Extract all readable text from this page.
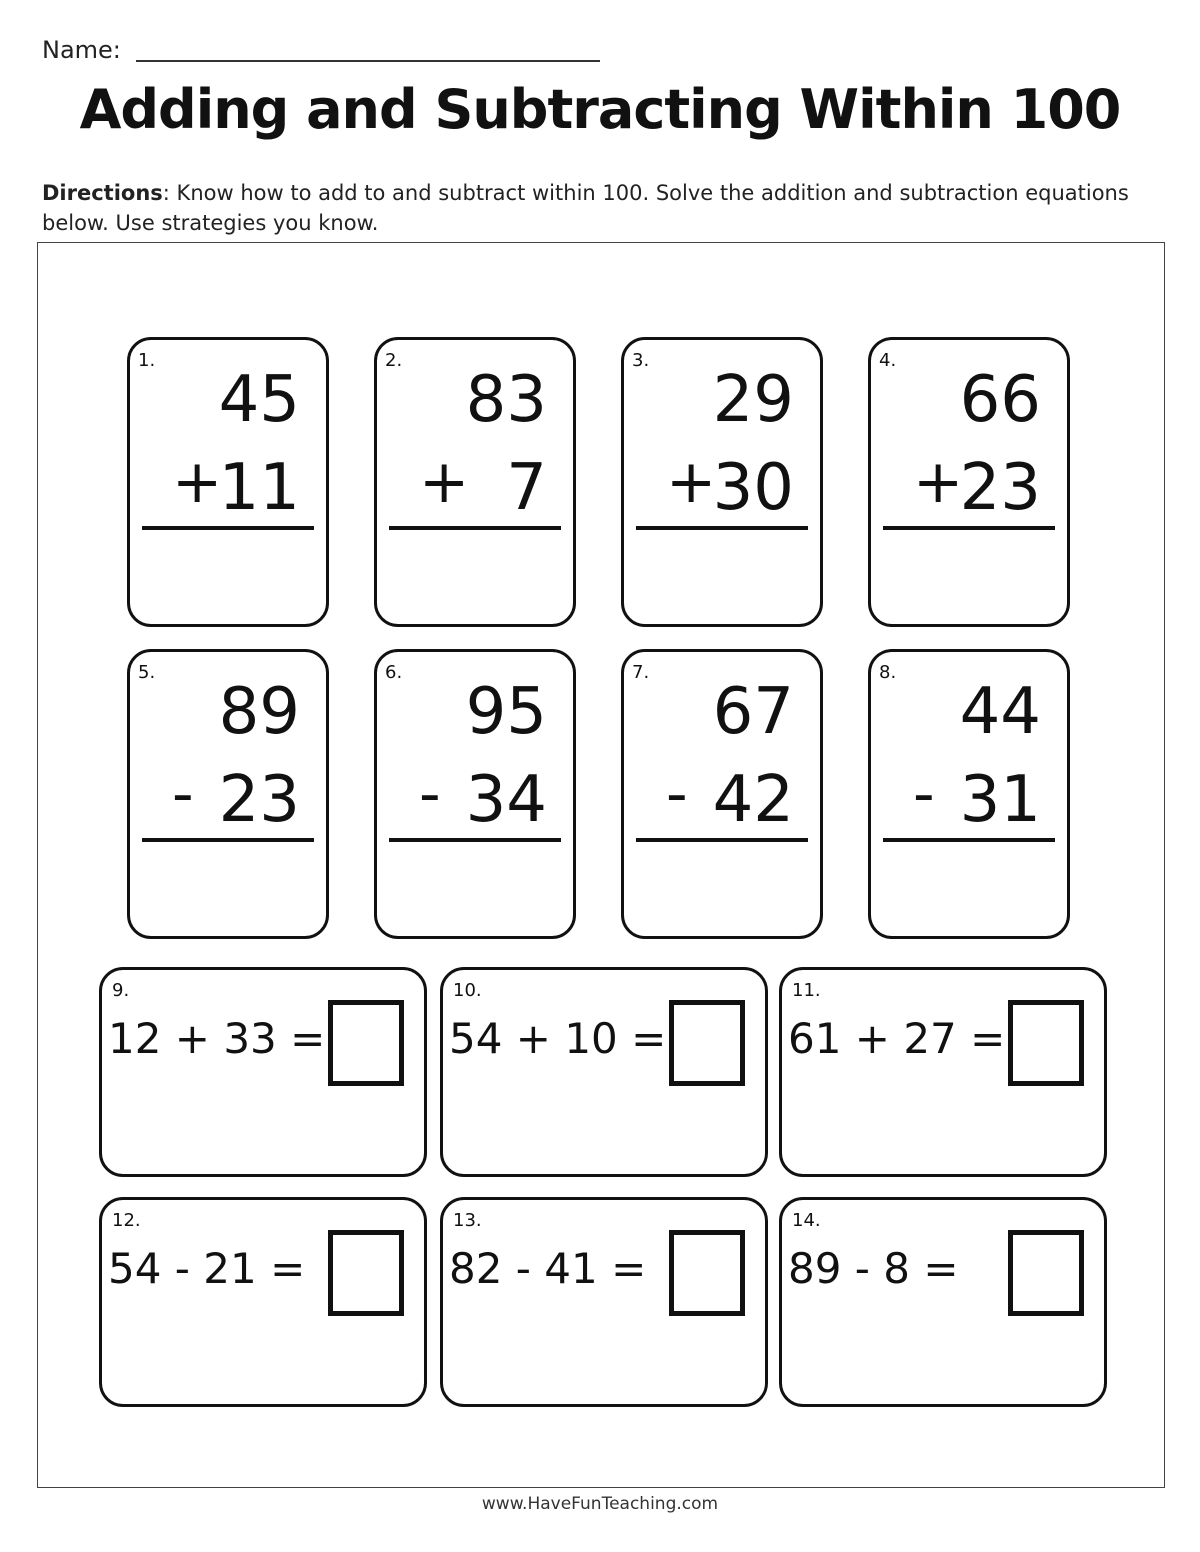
Name:
Adding and Subtracting Within 100
Directions: Know how to add to and subtract within 100. Solve the addition and subtraction equations below. Use strategies you know.
1.
45
+
11
2.
83
+ 7
3.
29
+
30
4.
66
+
23
5.
89
- 23
6.
95
- 34
7.
67
- 42
8.
44
- 31
9.
12 + 33 =
10.
54 + 10 =
11.
61 + 27 =
12.
54 - 21 =
13.
82 - 41 =
14.
89 - 8 =
www.HaveFunTeaching.com
